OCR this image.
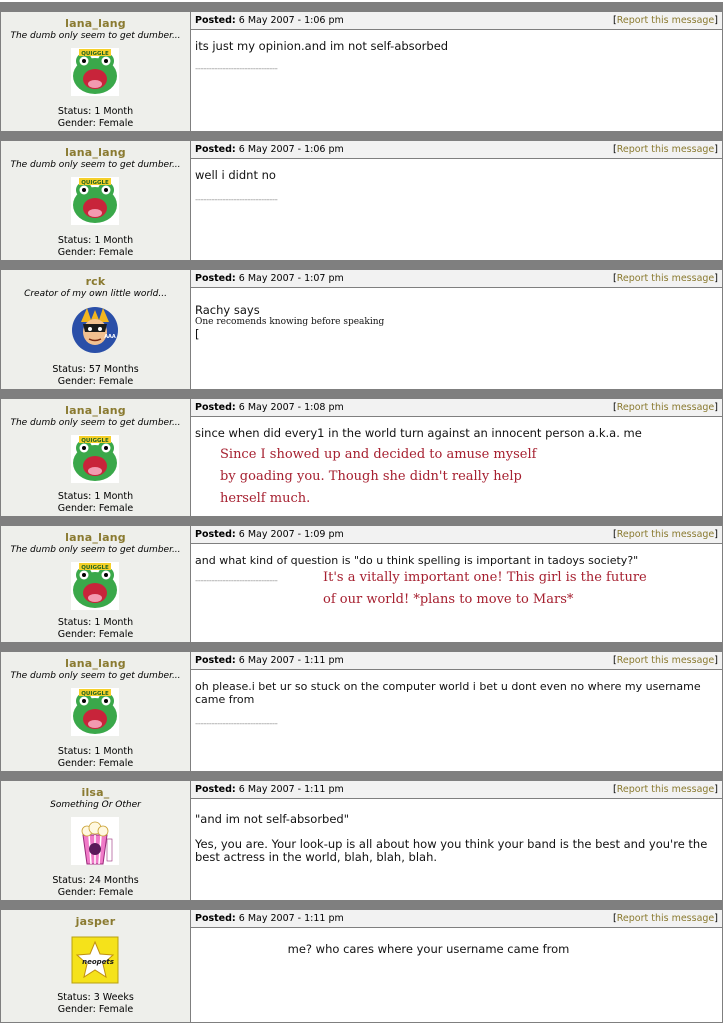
lana_lang
The dumb only seem to get dumber...
QUIGGLE
Status: 1 Month
Gender: Female
Posted: 6 May 2007 - 1:06 pm	[Report this message]
its just my opinion.and im not self-absorbed
------------------------------
lana_lang
The dumb only seem to get dumber...
QUIGGLE
Status: 1 Month
Gender: Female
Posted: 6 May 2007 - 1:06 pm	[Report this message]
well i didnt no
------------------------------
rck
Creator of my own little world...
AAA
Status: 57 Months
Gender: Female
Posted: 6 May 2007 - 1:07 pm	[Report this message]
Rachy says
One recomends knowing before speaking
[
lana_lang
The dumb only seem to get dumber...
QUIGGLE
Status: 1 Month
Gender: Female
Posted: 6 May 2007 - 1:08 pm	[Report this message]
since when did every1 in the world turn against an innocent person a.k.a. me
Since I showed up and decided to amuse myself by goading you. Though she didn't really help herself much.
lana_lang
The dumb only seem to get dumber...
QUIGGLE
Status: 1 Month
Gender: Female
Posted: 6 May 2007 - 1:09 pm	[Report this message]
and what kind of question is "do u think spelling is important in tadoys society?"
------------------------------	It's a vitally important one! This girl is the future of our world! *plans to move to Mars*
lana_lang
The dumb only seem to get dumber...
QUIGGLE
Status: 1 Month
Gender: Female
Posted: 6 May 2007 - 1:11 pm	[Report this message]
oh please.i bet ur so stuck on the computer world i bet u dont even no where my username came from
------------------------------
ilsa_
Something Or Other
Status: 24 Months
Gender: Female
Posted: 6 May 2007 - 1:11 pm	[Report this message]
"and im not self-absorbed"
Yes, you are. Your look-up is all about how you think your band is the best and you're the best actress in the world, blah, blah, blah.
jasper
neopets
Status: 3 Weeks
Gender: Female
Posted: 6 May 2007 - 1:11 pm	[Report this message]
me? who cares where your username came from
